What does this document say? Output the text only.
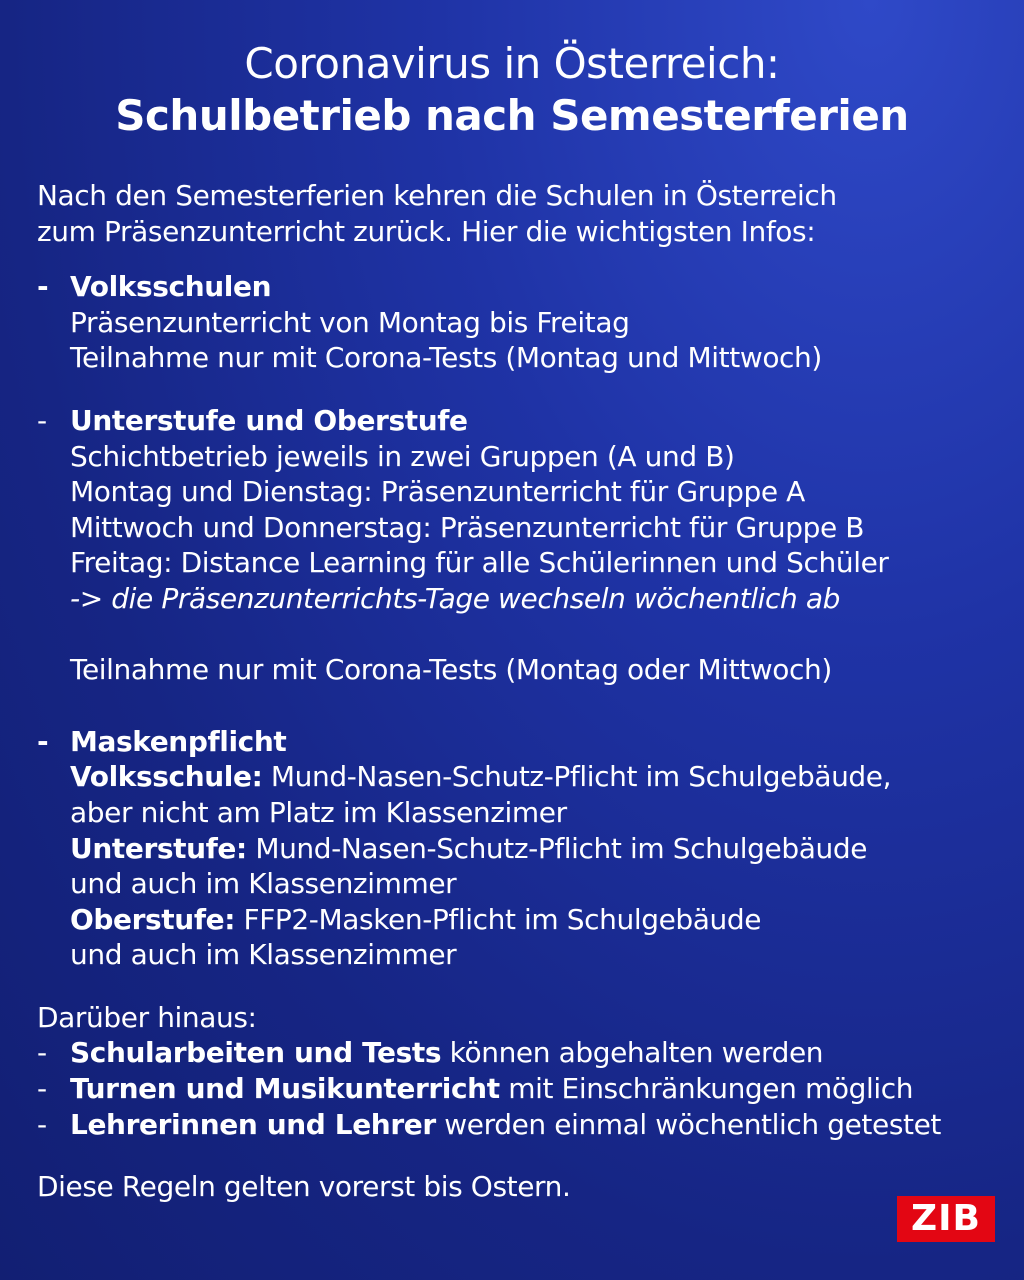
Coronavirus in Österreich:
Schulbetrieb nach Semesterferien
Nach den Semesterferien kehren die Schulen in Österreich
zum Präsenzunterricht zurück. Hier die wichtigsten Infos:
- Volksschulen
Präsenzunterricht von Montag bis Freitag
Teilnahme nur mit Corona-Tests (Montag und Mittwoch)
- Unterstufe und Oberstufe
Schichtbetrieb jeweils in zwei Gruppen (A und B)
Montag und Dienstag: Präsenzunterricht für Gruppe A
Mittwoch und Donnerstag: Präsenzunterricht für Gruppe B
Freitag: Distance Learning für alle Schülerinnen und Schüler
-> die Präsenzunterrichts-Tage wechseln wöchentlich ab
Teilnahme nur mit Corona-Tests (Montag oder Mittwoch)
- Maskenpflicht
Volksschule: Mund-Nasen-Schutz-Pflicht im Schulgebäude,
aber nicht am Platz im Klassenzimer
Unterstufe: Mund-Nasen-Schutz-Pflicht im Schulgebäude
und auch im Klassenzimmer
Oberstufe: FFP2-Masken-Pflicht im Schulgebäude
und auch im Klassenzimmer
Darüber hinaus:
- Schularbeiten und Tests können abgehalten werden
- Turnen und Musikunterricht mit Einschränkungen möglich
- Lehrerinnen und Lehrer werden einmal wöchentlich getestet
Diese Regeln gelten vorerst bis Ostern.
ZIB
